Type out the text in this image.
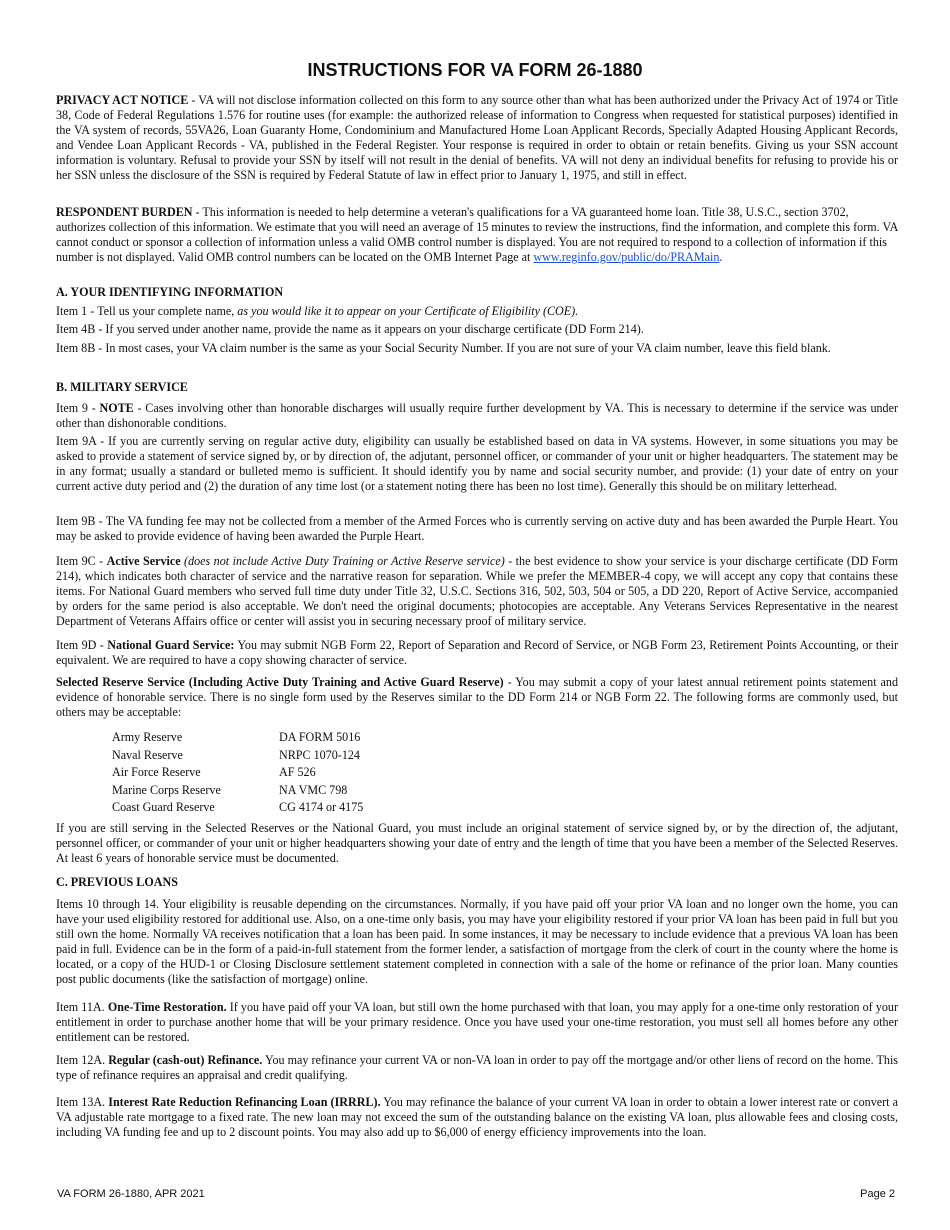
INSTRUCTIONS FOR VA FORM 26-1880

PRIVACY ACT NOTICE - VA will not disclose information collected on this form to any source other than what has been authorized under the Privacy Act of 1974 or Title 38, Code of Federal Regulations 1.576 for routine uses (for example: the authorized release of information to Congress when requested for statistical purposes) identified in the VA system of records, 55VA26, Loan Guaranty Home, Condominium and Manufactured Home Loan Applicant Records, Specially Adapted Housing Applicant Records, and Vendee Loan Applicant Records - VA, published in the Federal Register. Your response is required in order to obtain or retain benefits. Giving us your SSN account information is voluntary. Refusal to provide your SSN by itself will not result in the denial of benefits. VA will not deny an individual benefits for refusing to provide his or her SSN unless the disclosure of the SSN is required by Federal Statute of law in effect prior to January 1, 1975, and still in effect.

RESPONDENT BURDEN - This information is needed to help determine a veteran's qualifications for a VA guaranteed home loan. Title 38, U.S.C., section 3702, authorizes collection of this information. We estimate that you will need an average of 15 minutes to review the instructions, find the information, and complete this form. VA cannot conduct or sponsor a collection of information unless a valid OMB control number is displayed. You are not required to respond to a collection of information if this number is not displayed. Valid OMB control numbers can be located on the OMB Internet Page at www.reginfo.gov/public/do/PRAMain.

A. YOUR IDENTIFYING INFORMATION

Item 1 - Tell us your complete name, as you would like it to appear on your Certificate of Eligibility (COE).

Item 4B - If you served under another name, provide the name as it appears on your discharge certificate (DD Form 214).
Item 8B - In most cases, your VA claim number is the same as your Social Security Number. If you are not sure of your VA claim number, leave this field blank.
B. MILITARY SERVICE

Item 9 - NOTE - Cases involving other than honorable discharges will usually require further development by VA. This is necessary to determine if the service was under other than dishonorable conditions.

Item 9A - If you are currently serving on regular active duty, eligibility can usually be established based on data in VA systems. However, in some situations you may be asked to provide a statement of service signed by, or by direction of, the adjutant, personnel officer, or commander of your unit or higher headquarters. The statement may be in any format; usually a standard or bulleted memo is sufficient. It should identify you by name and social security number, and provide: (1) your date of entry on your current active duty period and (2) the duration of any time lost (or a statement noting there has been no lost time). Generally this should be on military letterhead.
Item 9B - The VA funding fee may not be collected from a member of the Armed Forces who is currently serving on active duty and has been awarded the Purple Heart. You may be asked to provide evidence of having been awarded the Purple Heart.

Item 9C - Active Service (does not include Active Duty Training or Active Reserve service) - the best evidence to show your service is your discharge certificate (DD Form 214), which indicates both character of service and the narrative reason for separation. While we prefer the MEMBER-4 copy, we will accept any copy that contains these items. For National Guard members who served full time duty under Title 32, U.S.C. Sections 316, 502, 503, 504 or 505, a DD 220, Report of Active Service, accompanied by orders for the same period is also acceptable. We don't need the original documents; photocopies are acceptable. Any Veterans Services Representative in the nearest Department of Veterans Affairs office or center will assist you in securing necessary proof of military service.

Item 9D - National Guard Service: You may submit NGB Form 22, Report of Separation and Record of Service, or NGB Form 23, Retirement Points Accounting, or their equivalent. We are required to have a copy showing character of service.

Selected Reserve Service (Including Active Duty Training and Active Guard Reserve) - You may submit a copy of your latest annual retirement points statement and evidence of honorable service. There is no single form used by the Reserves similar to the DD Form 214 or NGB Form 22. The following forms are commonly used, but others may be acceptable:

Army Reserve	DA FORM 5016
Naval Reserve	NRPC 1070-124
Air Force Reserve	AF 526
Marine Corps Reserve	NA VMC 798
Coast Guard Reserve	CG 4174 or 4175
If you are still serving in the Selected Reserves or the National Guard, you must include an original statement of service signed by, or by the direction of, the adjutant, personnel officer, or commander of your unit or higher headquarters showing your date of entry and the length of time that you have been a member of the Selected Reserves. At least 6 years of honorable service must be documented.
C. PREVIOUS LOANS
Items 10 through 14. Your eligibility is reusable depending on the circumstances. Normally, if you have paid off your prior VA loan and no longer own the home, you can have your used eligibility restored for additional use. Also, on a one-time only basis, you may have your eligibility restored if your prior VA loan has been paid in full but you still own the home. Normally VA receives notification that a loan has been paid. In some instances, it may be necessary to include evidence that a previous VA loan has been paid in full. Evidence can be in the form of a paid-in-full statement from the former lender, a satisfaction of mortgage from the clerk of court in the county where the home is located, or a copy of the HUD-1 or Closing Disclosure settlement statement completed in connection with a sale of the home or refinance of the prior loan. Many counties post public documents (like the satisfaction of mortgage) online.

Item 11A. One-Time Restoration. If you have paid off your VA loan, but still own the home purchased with that loan, you may apply for a one-time only restoration of your entitlement in order to purchase another home that will be your primary residence. Once you have used your one-time restoration, you must sell all homes before any other entitlement can be restored.

Item 12A. Regular (cash-out) Refinance. You may refinance your current VA or non-VA loan in order to pay off the mortgage and/or other liens of record on the home. This type of refinance requires an appraisal and credit qualifying.

Item 13A. Interest Rate Reduction Refinancing Loan (IRRRL). You may refinance the balance of your current VA loan in order to obtain a lower interest rate or convert a VA adjustable rate mortgage to a fixed rate. The new loan may not exceed the sum of the outstanding balance on the existing VA loan, plus allowable fees and closing costs, including VA funding fee and up to 2 discount points. You may also add up to $6,000 of energy efficiency improvements into the loan.

VA FORM 26-1880, APR 2021	Page 2
